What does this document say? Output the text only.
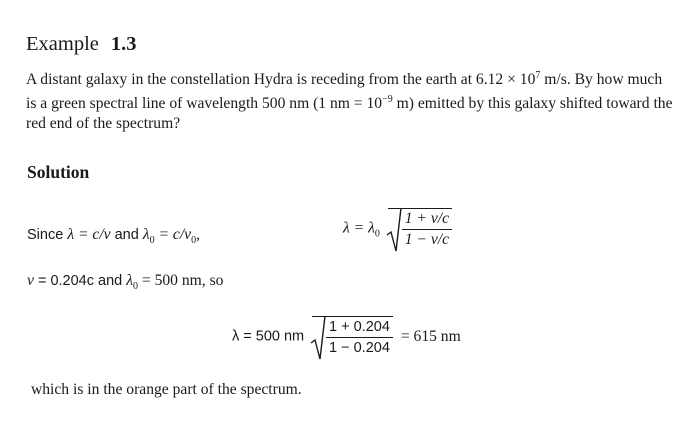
Example 1.3
A distant galaxy in the constellation Hydra is receding from the earth at $6.12 \times 10^7$ m/s. By how much is a green spectral line of wavelength 500 nm (1 nm = $10^{-9}$ m) emitted by this galaxy shifted toward the red end of the spectrum?
Solution
Since λ = c/ν and $\lambda_0 = c/\nu_0$,	$\lambda = \lambda_0 \frac{1 + v/c}{1 - v/c}$
v = 0.204c and $\lambda_0 = 500$ nm, so
λ = 500 nm $\frac{1 + 0.204}{1 - 0.204} = 615$ nm
which is in the orange part of the spectrum.
